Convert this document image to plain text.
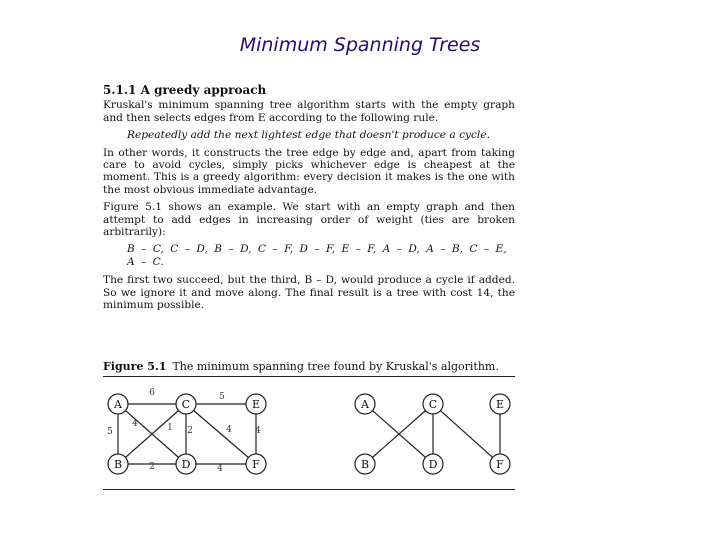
Minimum Spanning Trees
5.1.1 A greedy approach

Kruskal's minimum spanning tree algorithm starts with the empty graph and then selects edges from E according to the following rule.

Repeatedly add the next lightest edge that doesn't produce a cycle.

In other words, it constructs the tree edge by edge and, apart from taking care to avoid cycles, simply picks whichever edge is cheapest at the moment. This is a greedy algorithm: every decision it makes is the one with the most obvious immediate advantage.

Figure 5.1 shows an example. We start with an empty graph and then attempt to add edges in increasing order of weight (ties are broken arbitrarily):

B – C, C – D, B – D, C – F, D – F, E – F, A – D, A – B, C – E, A – C.

The first two succeed, but the third, B – D, would produce a cycle if added. So we ignore it and move along. The final result is a tree with cost 14, the minimum possible.

Figure 5.1 The minimum spanning tree found by Kruskal's algorithm.
6	5
5
4	1 2	4	4
2	4
A	C	E
B	D	F
A	C	E
B	D	F
